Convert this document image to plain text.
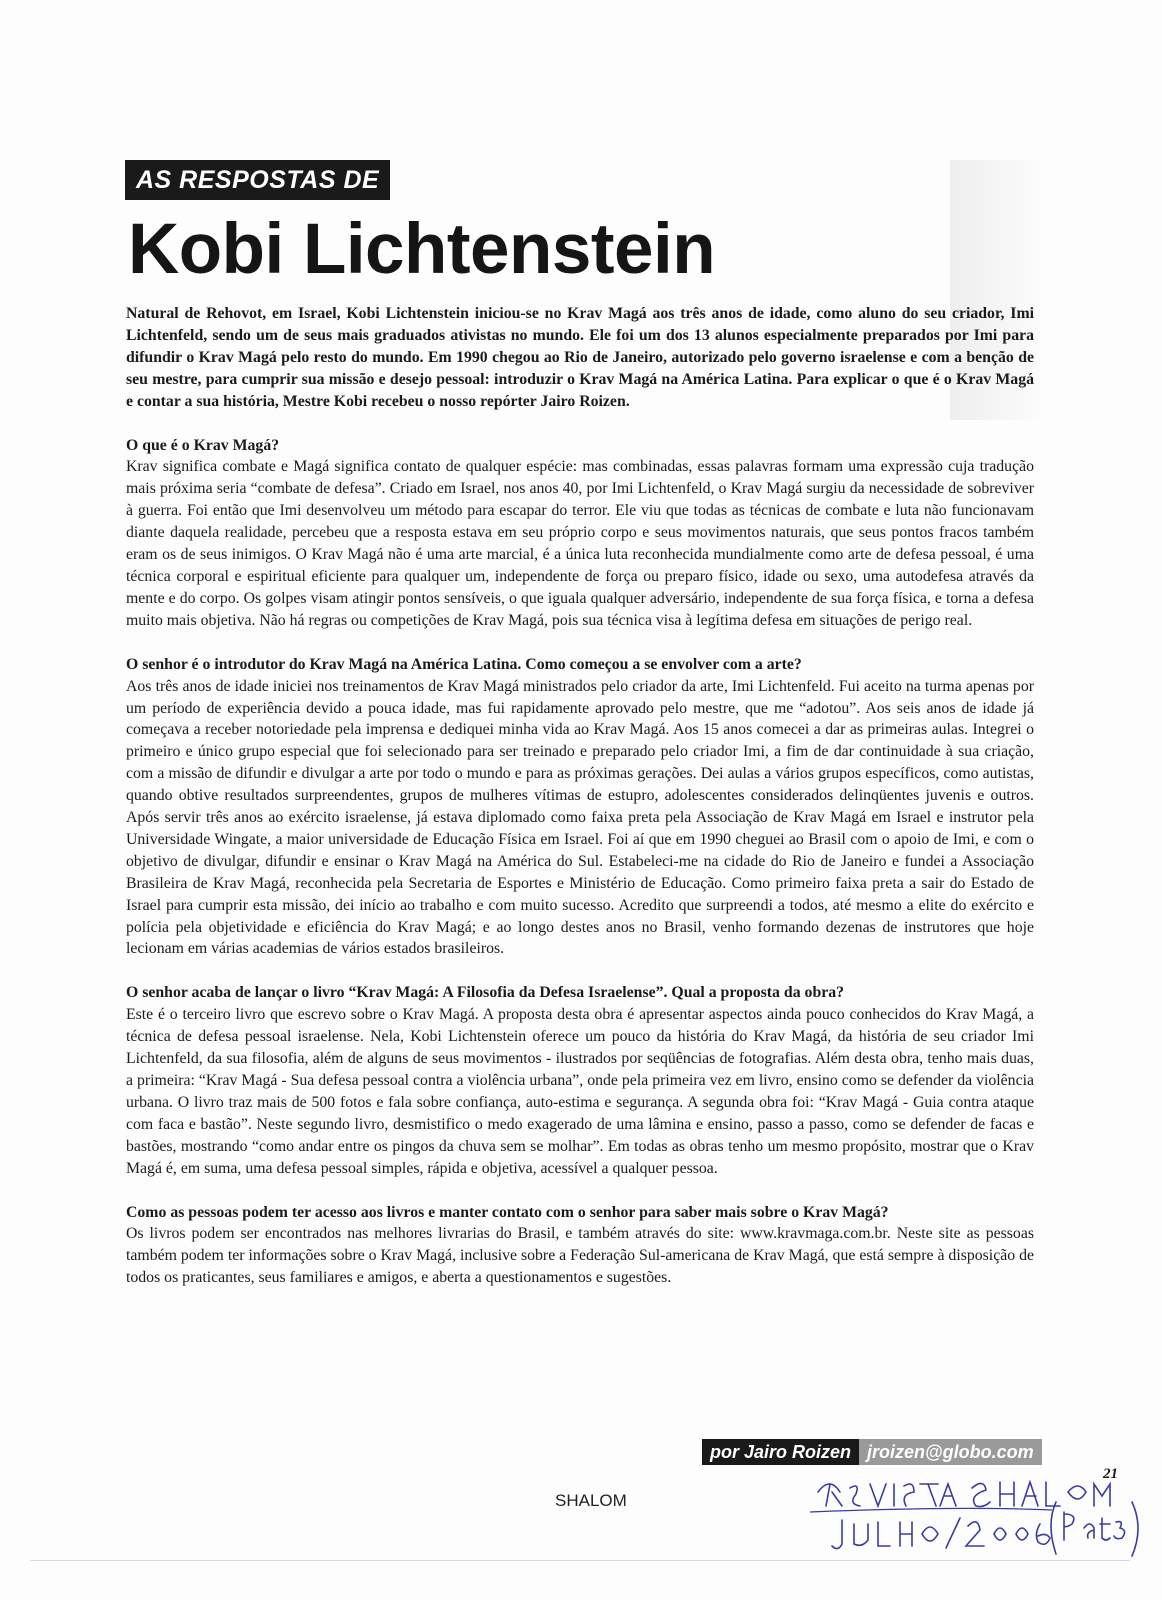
AS RESPOSTAS DE
Kobi Lichtenstein

Natural de Rehovot, em Israel, Kobi Lichtenstein iniciou-se no Krav Magá aos três anos de idade, como aluno do seu criador, Imi Lichtenfeld, sendo um de seus mais graduados ativistas no mundo. Ele foi um dos 13 alunos especialmente preparados por Imi para difundir o Krav Magá pelo resto do mundo. Em 1990 chegou ao Rio de Janeiro, autorizado pelo governo israelense e com a benção de seu mestre, para cumprir sua missão e desejo pessoal: introduzir o Krav Magá na América Latina. Para explicar o que é o Krav Magá e contar a sua história, Mestre Kobi recebeu o nosso repórter Jairo Roizen.

O que é o Krav Magá?

Krav significa combate e Magá significa contato de qualquer espécie: mas combinadas, essas palavras formam uma expressão cuja tradução mais próxima seria “combate de defesa”. Criado em Israel, nos anos 40, por Imi Lichtenfeld, o Krav Magá surgiu da necessidade de sobreviver à guerra. Foi então que Imi desenvolveu um método para escapar do terror. Ele viu que todas as técnicas de combate e luta não funcionavam diante daquela realidade, percebeu que a resposta estava em seu próprio corpo e seus movimentos naturais, que seus pontos fracos também eram os de seus inimigos. O Krav Magá não é uma arte marcial, é a única luta reconhecida mundialmente como arte de defesa pessoal, é uma técnica corporal e espiritual eficiente para qualquer um, independente de força ou preparo físico, idade ou sexo, uma autodefesa através da mente e do corpo. Os golpes visam atingir pontos sensíveis, o que iguala qualquer adversário, independente de sua força física, e torna a defesa muito mais objetiva. Não há regras ou competições de Krav Magá, pois sua técnica visa à legítima defesa em situações de perigo real.

O senhor é o introdutor do Krav Magá na América Latina. Como começou a se envolver com a arte?

Aos três anos de idade iniciei nos treinamentos de Krav Magá ministrados pelo criador da arte, Imi Lichtenfeld. Fui aceito na turma apenas por um período de experiência devido a pouca idade, mas fui rapidamente aprovado pelo mestre, que me “adotou”. Aos seis anos de idade já começava a receber notoriedade pela imprensa e dediquei minha vida ao Krav Magá. Aos 15 anos comecei a dar as primeiras aulas. Integrei o primeiro e único grupo especial que foi selecionado para ser treinado e preparado pelo criador Imi, a fim de dar continuidade à sua criação, com a missão de difundir e divulgar a arte por todo o mundo e para as próximas gerações. Dei aulas a vários grupos específicos, como autistas, quando obtive resultados surpreendentes, grupos de mulheres vítimas de estupro, adolescentes considerados delinqüentes juvenis e outros. Após servir três anos ao exército israelense, já estava diplomado como faixa preta pela Associação de Krav Magá em Israel e instrutor pela Universidade Wingate, a maior universidade de Educação Física em Israel. Foi aí que em 1990 cheguei ao Brasil com o apoio de Imi, e com o objetivo de divulgar, difundir e ensinar o Krav Magá na América do Sul. Estabeleci-me na cidade do Rio de Janeiro e fundei a Associação Brasileira de Krav Magá, reconhecida pela Secretaria de Esportes e Ministério de Educação. Como primeiro faixa preta a sair do Estado de Israel para cumprir esta missão, dei início ao trabalho e com muito sucesso. Acredito que surpreendi a todos, até mesmo a elite do exército e polícia pela objetividade e eficiência do Krav Magá; e ao longo destes anos no Brasil, venho formando dezenas de instrutores que hoje lecionam em várias academias de vários estados brasileiros.

O senhor acaba de lançar o livro “Krav Magá: A Filosofia da Defesa Israelense”. Qual a proposta da obra?

Este é o terceiro livro que escrevo sobre o Krav Magá. A proposta desta obra é apresentar aspectos ainda pouco conhecidos do Krav Magá, a técnica de defesa pessoal israelense. Nela, Kobi Lichtenstein oferece um pouco da história do Krav Magá, da história de seu criador Imi Lichtenfeld, da sua filosofia, além de alguns de seus movimentos - ilustrados por seqüências de fotografias. Além desta obra, tenho mais duas, a primeira: “Krav Magá - Sua defesa pessoal contra a violência urbana”, onde pela primeira vez em livro, ensino como se defender da violência urbana. O livro traz mais de 500 fotos e fala sobre confiança, auto-estima e segurança. A segunda obra foi: “Krav Magá - Guia contra ataque com faca e bastão”. Neste segundo livro, desmistifico o medo exagerado de uma lâmina e ensino, passo a passo, como se defender de facas e bastões, mostrando “como andar entre os pingos da chuva sem se molhar”. Em todas as obras tenho um mesmo propósito, mostrar que o Krav Magá é, em suma, uma defesa pessoal simples, rápida e objetiva, acessível a qualquer pessoa.

Como as pessoas podem ter acesso aos livros e manter contato com o senhor para saber mais sobre o Krav Magá?

Os livros podem ser encontrados nas melhores livrarias do Brasil, e também através do site: www.kravmaga.com.br. Neste site as pessoas também podem ter informações sobre o Krav Magá, inclusive sobre a Federação Sul-americana de Krav Magá, que está sempre à disposição de todos os praticantes, seus familiares e amigos, e aberta a questionamentos e sugestões.

por Jairo Roizen jroizen@globo.com
SHALOM
21
